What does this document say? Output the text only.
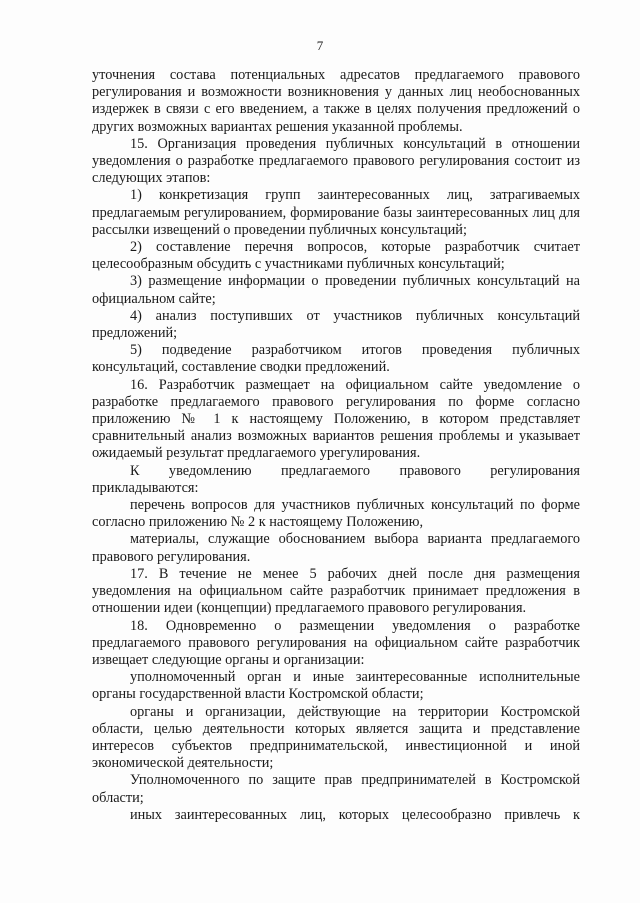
7

уточнения состава потенциальных адресатов предлагаемого правового регулирования и возможности возникновения у данных лиц необоснованных издержек в связи с его введением, а также в целях получения предложений о других возможных вариантах решения указанной проблемы.

15. Организация проведения публичных консультаций в отношении уведомления о разработке предлагаемого правового регулирования состоит из следующих этапов:

1) конкретизация групп заинтересованных лиц, затрагиваемых предлагаемым регулированием, формирование базы заинтересованных лиц для рассылки извещений о проведении публичных консультаций;

2) составление перечня вопросов, которые разработчик считает целесообразным обсудить с участниками публичных консультаций;

3) размещение информации о проведении публичных консультаций на официальном сайте;

4) анализ поступивших от участников публичных консультаций предложений;

5) подведение разработчиком итогов проведения публичных консультаций, составление сводки предложений.

16. Разработчик размещает на официальном сайте уведомление о разработке предлагаемого правового регулирования по форме согласно приложению № 1 к настоящему Положению, в котором представляет сравнительный анализ возможных вариантов решения проблемы и указывает ожидаемый результат предлагаемого урегулирования.

К уведомлению предлагаемого правового регулирования прикладываются:

перечень вопросов для участников публичных консультаций по форме согласно приложению № 2 к настоящему Положению,

материалы, служащие обоснованием выбора варианта предлагаемого правового регулирования.

17. В течение не менее 5 рабочих дней после дня размещения уведомления на официальном сайте разработчик принимает предложения в отношении идеи (концепции) предлагаемого правового регулирования.

18. Одновременно о размещении уведомления о разработке предлагаемого правового регулирования на официальном сайте разработчик извещает следующие органы и организации:

уполномоченный орган и иные заинтересованные исполнительные органы государственной власти Костромской области;

органы и организации, действующие на территории Костромской области, целью деятельности которых является защита и представление интересов субъектов предпринимательской, инвестиционной и иной экономической деятельности;

Уполномоченного по защите прав предпринимателей в Костромской области;

иных заинтересованных лиц, которых целесообразно привлечь к
